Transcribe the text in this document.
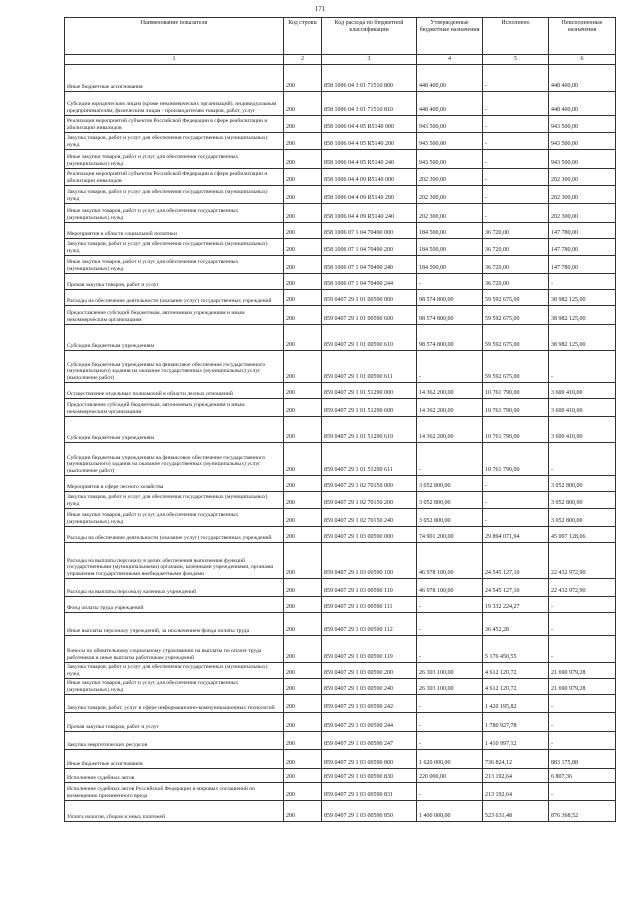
171
Наименование показателя	Код строки	Код расхода по бюджетной классификации	Утвержденные бюджетные назначения	Исполнено	Неисполненные назначения
1	2	3	4	5	6
Иные бюджетные ассигнования	200	858 1006 04 3 01 71510 800	448 400,00	-	448 400,00
Субсидии юридическим лицам (кроме некоммерческих организаций), индивидуальным предпринимателям, физическим лицам - производителям товаров, работ, услуг	200	858 1006 04 3 01 71510 810	448 400,00	-	448 400,00
Реализация мероприятий субъектов Российской Федерации в сфере реабилитации и абилитации инвалидов	200	858 1006 04 4 05 R5140 000	943 500,00	-	943 500,00
Закупка товаров, работ и услуг для обеспечения государственных (муниципальных) нужд	200	858 1006 04 4 05 R5140 200	943 500,00	-	943 500,00
Иные закупки товаров, работ и услуг для обеспечения государственных (муниципальных) нужд	200	858 1006 04 4 05 R5140 240	943 500,00	-	943 500,00
Реализация мероприятий субъектов Российской Федерации в сфере реабилитации и абилитации инвалидов	200	858 1006 04 4 09 R5140 000	202 300,00	-	202 300,00
Закупка товаров, работ и услуг для обеспечения государственных (муниципальных) нужд	200	858 1006 04 4 09 R5140 200	202 300,00	-	202 300,00
Иные закупки товаров, работ и услуг для обеспечения государственных (муниципальных) нужд	200	858 1006 04 4 09 R5140 240	202 300,00	-	202 300,00
Мероприятия в области социальной политики	200	858 1006 07 1 04 70490 000	184 500,00	36 720,00	147 780,00
Закупка товаров, работ и услуг для обеспечения государственных (муниципальных) нужд	200	858 1006 07 1 04 70490 200	184 500,00	36 720,00	147 780,00
Иные закупки товаров, работ и услуг для обеспечения государственных (муниципальных) нужд	200	858 1006 07 1 04 70490 240	184 500,00	36 720,00	147 780,00
Прочая закупка товаров, работ и услуг	200	858 1006 07 1 04 70490 244	-	36 720,00	-
Расходы на обеспечение деятельности (оказание услуг) государственных учреждений	200	859 0407 29 1 01 00590 000	98 574 800,00	59 592 675,00	38 982 125,00
Предоставление субсидий бюджетным, автономным учреждениям и иным некоммерческим организациям	200	859 0407 29 1 01 00590 600	98 574 800,00	59 592 675,00	38 982 125,00
Субсидии бюджетным учреждениям	200	859 0407 29 1 01 00590 610	98 574 800,00	59 592 675,00	38 982 125,00
Субсидии бюджетным учреждениям на финансовое обеспечение государственного (муниципального) задания на оказание государственных (муниципальных) услуг (выполнение работ)	200	859 0407 29 1 01 00590 611	-	59 592 675,00	-
Осуществление отдельных полномочий в области лесных отношений	200	859 0407 29 1 01 51290 000	14 362 200,00	10 761 790,00	3 600 410,00
Предоставление субсидий бюджетным, автономным учреждениям и иным некоммерческим организациям	200	859 0407 29 1 01 51290 600	14 362 200,00	10 761 790,00	3 600 410,00
Субсидии бюджетным учреждениям	200	859 0407 29 1 01 51290 610	14 362 200,00	10 761 790,00	3 600 410,00
Субсидии бюджетным учреждениям на финансовое обеспечение государственного (муниципального) задания на оказание государственных (муниципальных) услуг (выполнение работ)	200	859 0407 29 1 01 51290 611	-	10 761 790,00	-
Мероприятия в сфере лесного хозяйства	200	859 0407 29 1 02 70150 000	3 052 800,00	-	3 052 800,00
Закупка товаров, работ и услуг для обеспечения государственных (муниципальных) нужд	200	859 0407 29 1 02 70150 200	3 052 800,00	-	3 052 800,00
Иные закупки товаров, работ и услуг для обеспечения государственных (муниципальных) нужд	200	859 0407 29 1 02 70150 240	3 052 800,00	-	3 052 800,00
Расходы на обеспечение деятельности (оказание услуг) государственных учреждений	200	859 0407 29 1 03 00590 000	74 901 200,00	29 894 071,94	45 007 128,06
Расходы на выплаты персоналу в целях обеспечения выполнения функций государственными (муниципальными) органами, казенными учреждениями, органами управления государственными внебюджетными фондами	200	859 0407 29 1 03 00590 100	46 978 100,00	24 545 127,10	22 432 972,90
Расходы на выплаты персоналу казенных учреждений	200	859 0407 29 1 03 00590 110	46 978 100,00	24 545 127,10	22 432 972,90
Фонд оплаты труда учреждений	200	859 0407 29 1 03 00590 111	-	19 332 224,27	-
Иные выплаты персоналу учреждений, за исключением фонда оплаты труда	200	859 0407 29 1 03 00590 112	-	36 452,28	-
Взносы по обязательному социальному страхованию на выплаты по оплате труда работников и иные выплаты работникам учреждений	200	859 0407 29 1 03 00590 119	-	5 176 450,55	-
Закупка товаров, работ и услуг для обеспечения государственных (муниципальных) нужд	200	859 0407 29 1 03 00590 200	26 303 100,00	4 612 120,72	21 690 979,28
Иные закупки товаров, работ и услуг для обеспечения государственных (муниципальных) нужд	200	859 0407 29 1 03 00590 240	26 303 100,00	4 612 120,72	21 690 979,28
Закупка товаров, работ, услуг в сфере информационно-коммуникационных технологий	200	859 0407 29 1 03 00590 242	-	1 420 195,82	-
Прочая закупка товаров, работ и услуг	200	859 0407 29 1 03 00590 244	-	1 780 927,78	-
Закупка энергетических ресурсов	200	859 0407 29 1 03 00590 247	-	1 410 997,12	-
Иные бюджетные ассигнования	200	859 0407 29 1 03 00590 800	1 620 000,00	736 824,12	883 175,88
Исполнение судебных актов	200	859 0407 29 1 03 00590 830	220 000,00	213 192,64	6 807,36
Исполнение судебных актов Российской Федерации и мировых соглашений по возмещению причиненного вреда	200	859 0407 29 1 03 00590 831	-	213 192,64	-
Уплата налогов, сборов и иных платежей	200	859 0407 29 1 03 00590 850	1 400 000,00	523 631,48	876 368,52
